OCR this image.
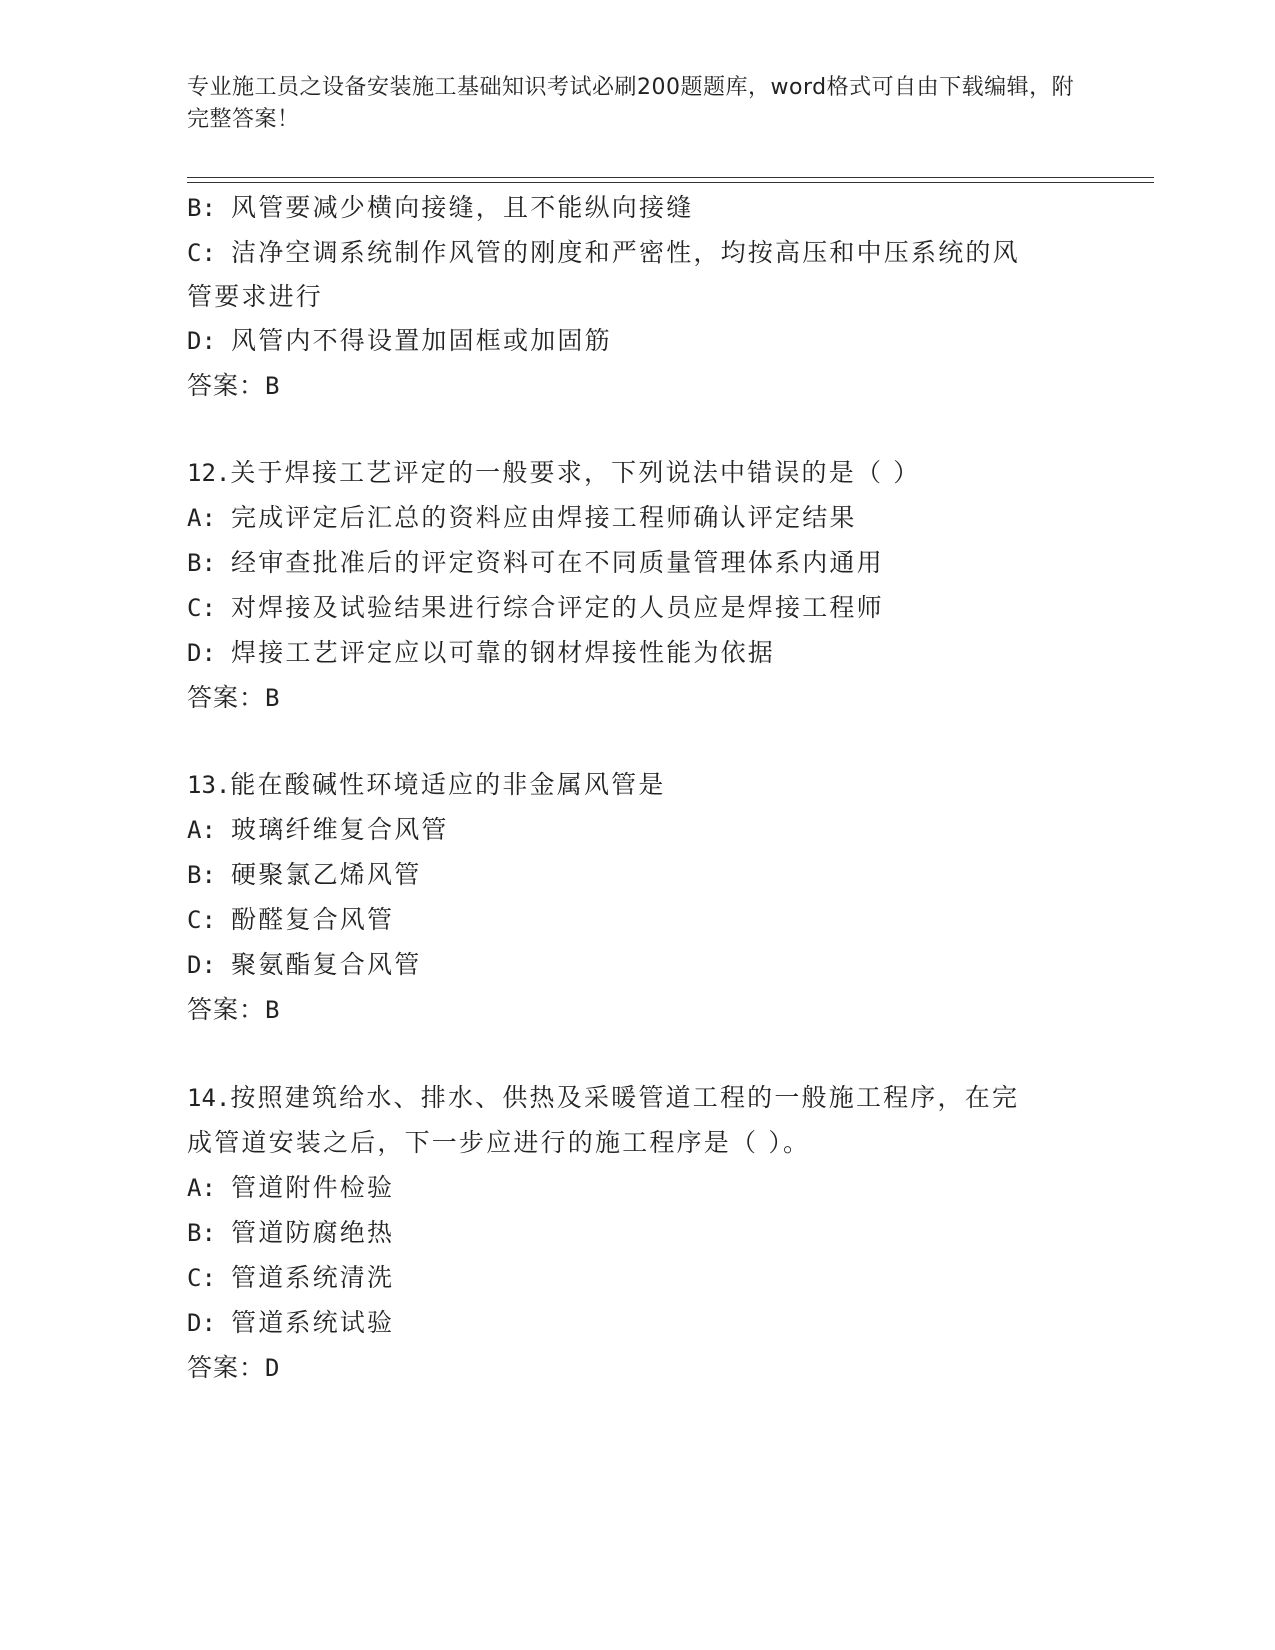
专业施工员之设备安装施工基础知识考试必刷200题题库，word格式可自由下载编辑，附完整答案！
B: 风管要减少横向接缝，且不能纵向接缝
C: 洁净空调系统制作风管的刚度和严密性，均按高压和中压系统的风
管要求进行
D: 风管内不得设置加固框或加固筋
答案：B
12.关于焊接工艺评定的一般要求，下列说法中错误的是（ ）
A: 完成评定后汇总的资料应由焊接工程师确认评定结果
B: 经审查批准后的评定资料可在不同质量管理体系内通用
C: 对焊接及试验结果进行综合评定的人员应是焊接工程师
D: 焊接工艺评定应以可靠的钢材焊接性能为依据
答案：B
13.能在酸碱性环境适应的非金属风管是
A: 玻璃纤维复合风管
B: 硬聚氯乙烯风管
C: 酚醛复合风管
D: 聚氨酯复合风管
答案：B
14.按照建筑给水、排水、供热及采暖管道工程的一般施工程序，在完
成管道安装之后，下一步应进行的施工程序是（ ）。
A: 管道附件检验
B: 管道防腐绝热
C: 管道系统清洗
D: 管道系统试验
答案：D
